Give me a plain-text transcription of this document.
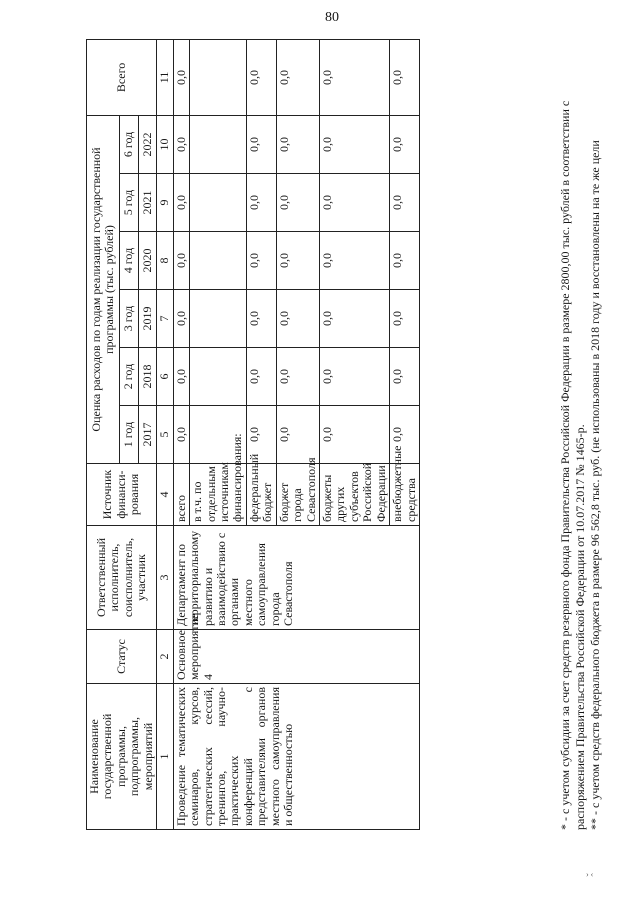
80
Наименование государственной программы, подпрограммы, мероприятий	Статус	Ответственный исполнитель, соисполнитель, участник	Источник финанси-рования	Оценка расходов по годам реализации государственной программы (тыс. рублей)						Всего
				1 год	2 год	3 год	4 год	5 год	6 год	
				2017	2018	2019	2020	2021	2022	
1	2	3	4	5	6	7	8	9	10	11
Проведение тематических семинаров, курсов, стратегических сессий, тренингов, научно-практических конференций с представителями органов местного самоуправления и общественностью	Основное мероприятие 4	Департамент по территориальному развитию и взаимодействию с органами местного самоуправления города Севастополя	всего	0,0	0,0	0,0	0,0	0,0	0,0	0,0
			в т.ч. по отдельным источникам финансирования:							
			федеральный бюджет	0,0	0,0	0,0	0,0	0,0	0,0	0,0
			бюджет города Севастополя	0,0	0,0	0,0	0,0	0,0	0,0	0,0
			бюджеты других субъектов Российской Федерации	0,0	0,0	0,0	0,0	0,0	0,0	0,0
			внебюджетные средства	0,0	0,0	0,0	0,0	0,0	0,0	0,0

* - с учетом субсидии за счет средств резервного фонда Правительства Российской Федерации в размере 2800,00 тыс. рублей в соответствии с распоряжением Правительства Российской Федерации от 10.07.2017 № 1465-р. ** - с учетом средств федерального бюджета в размере 96 562,8 тыс. руб. (не использованы в 2018 году и восстановлены на те же цели

› ‹
